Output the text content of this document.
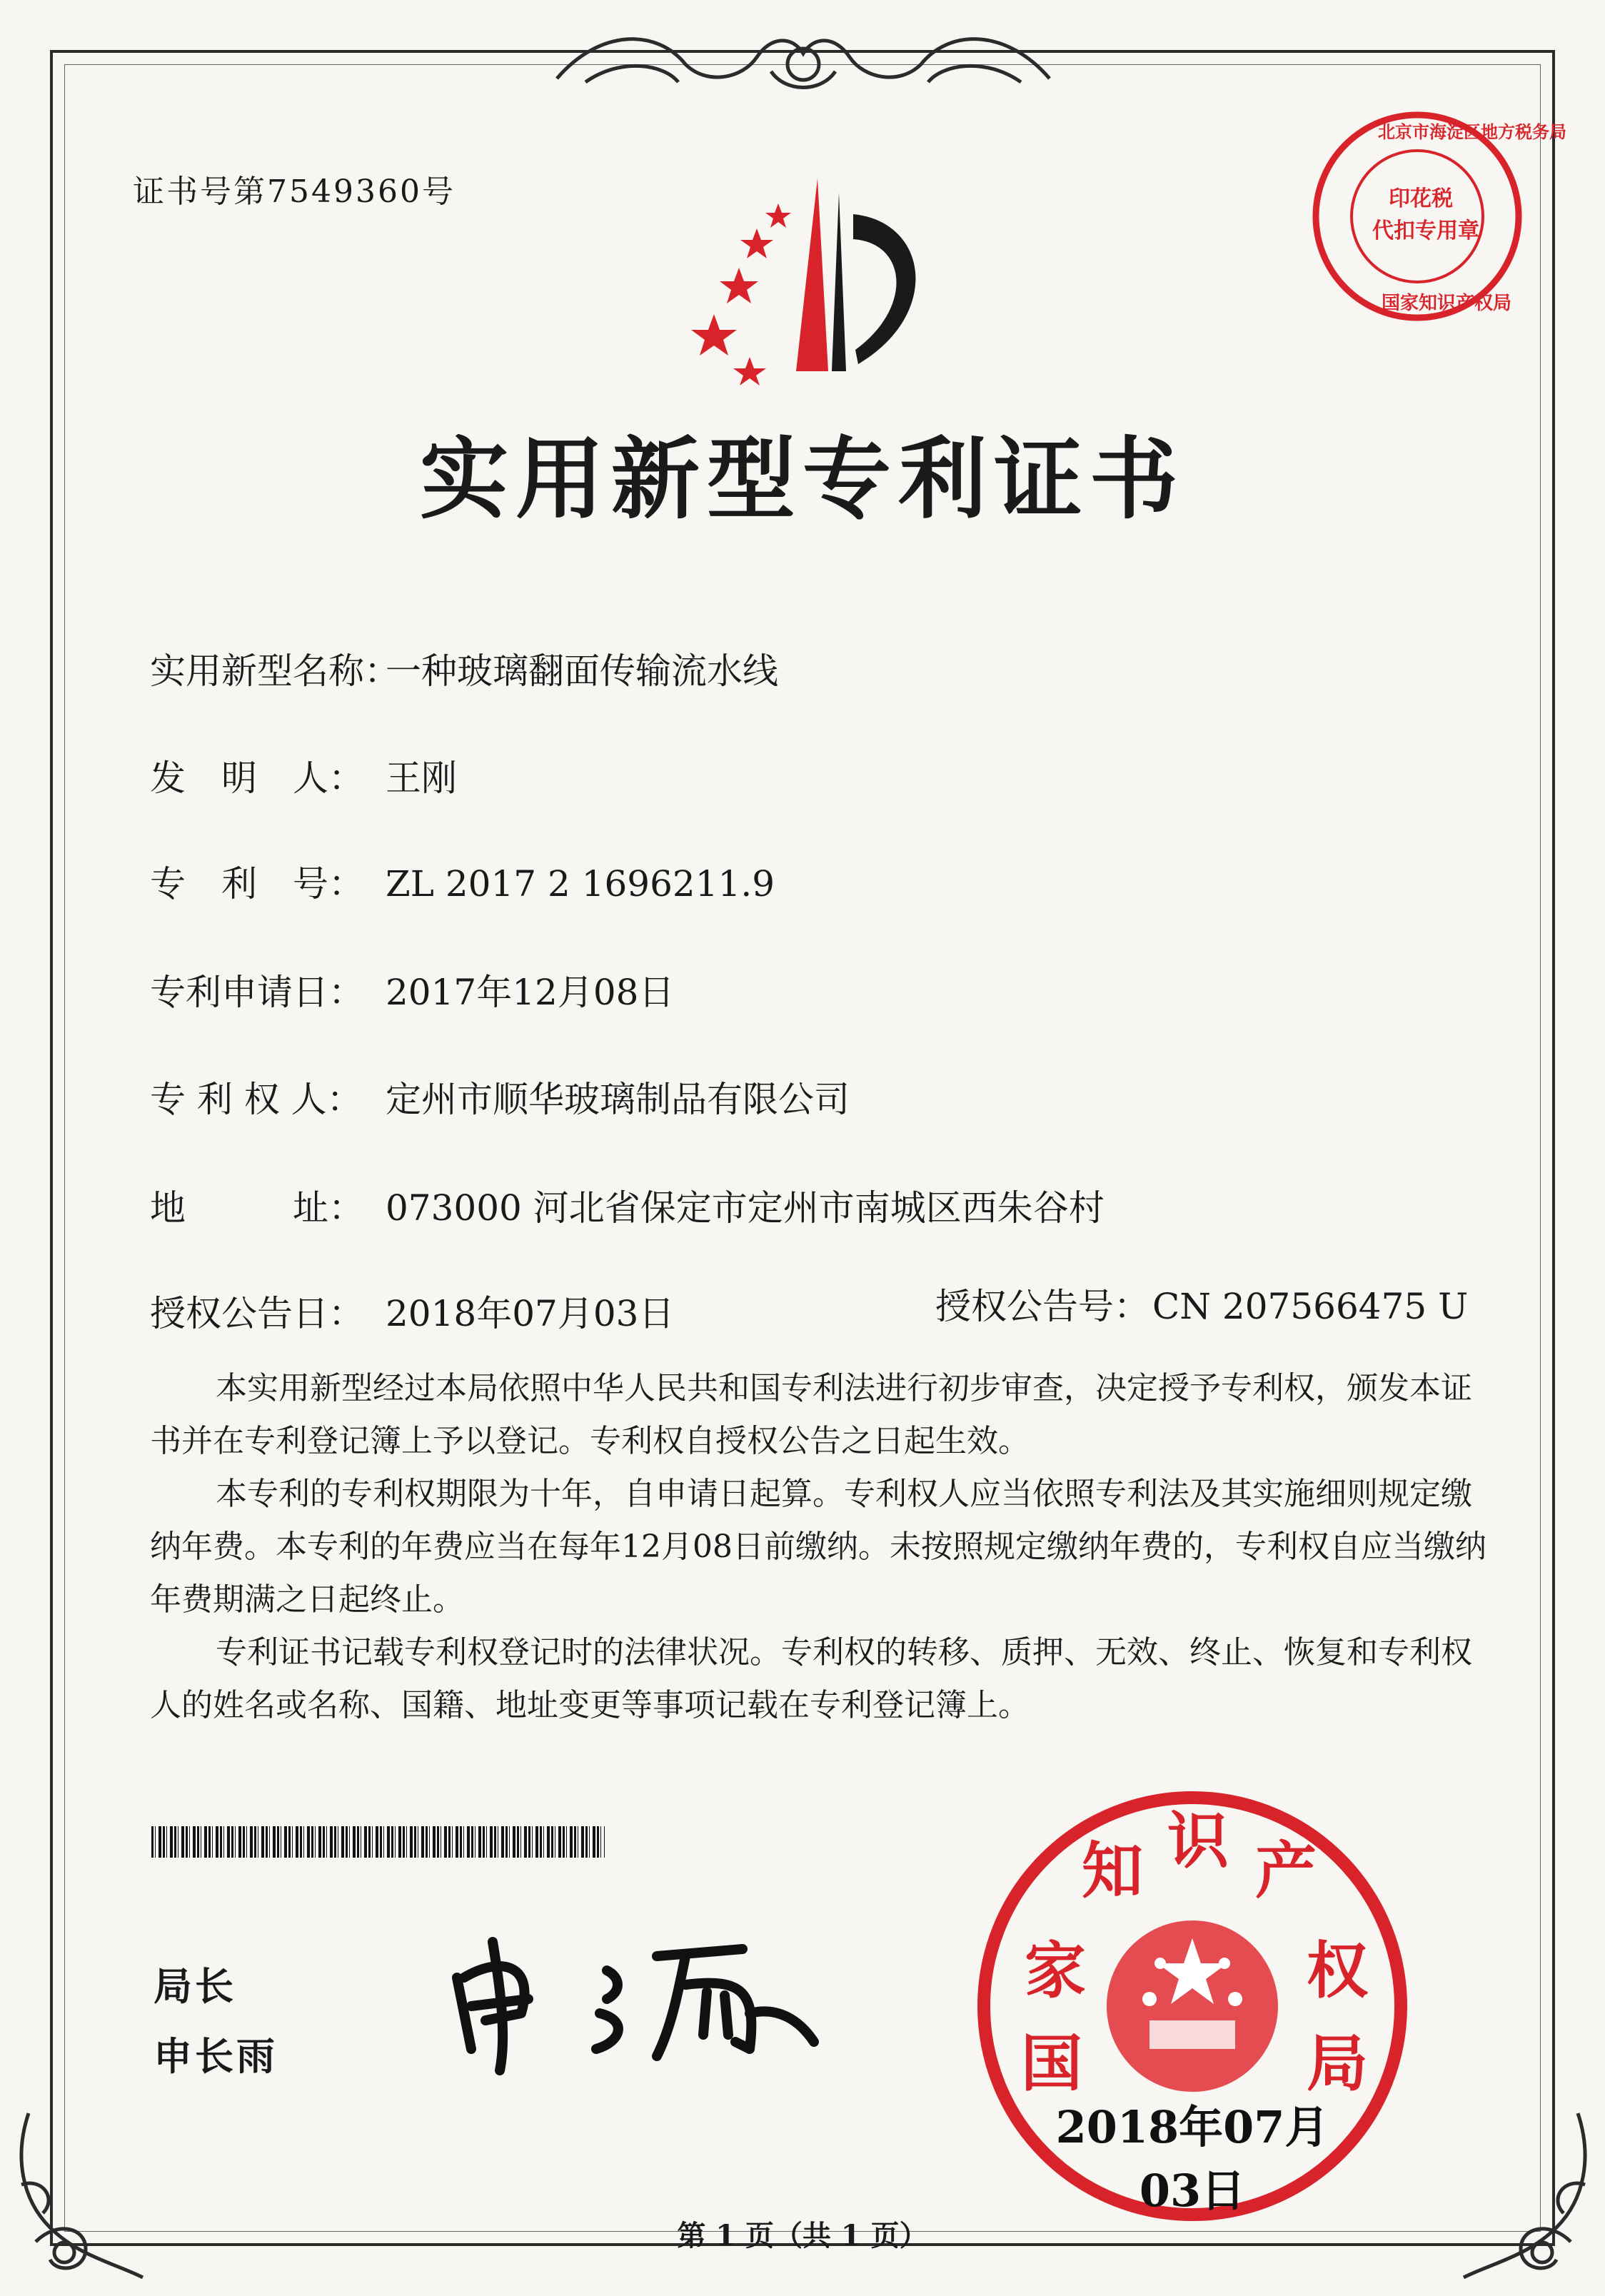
证书号第7549360号
实用新型专利证书
实用新型名称：一种玻璃翻面传输流水线
发　明　人： 王刚
专　利　号： ZL 2017 2 1696211.9
专利申请日： 2017年12月08日
专 利 权 人： 定州市顺华玻璃制品有限公司
地　　　址： 073000 河北省保定市定州市南城区西朱谷村
授权公告日： 2018年07月03日	授权公告号：CN 207566475 U

本实用新型经过本局依照中华人民共和国专利法进行初步审查，决定授予专利权，颁发本证书并在专利登记簿上予以登记。专利权自授权公告之日起生效。

本专利的专利权期限为十年，自申请日起算。专利权人应当依照专利法及其实施细则规定缴纳年费。本专利的年费应当在每年12月08日前缴纳。未按照规定缴纳年费的，专利权自应当缴纳年费期满之日起终止。

专利证书记载专利权登记时的法律状况。专利权的转移、质押、无效、终止、恢复和专利权人的姓名或名称、国籍、地址变更等事项记载在专利登记簿上。

局长
申长雨
家
知 识 产
权
局
国
2018年07月03日
印花税
代扣专用章
北京市海淀区地方税务局
国家知识产权局
第 1 页（共 1 页）
